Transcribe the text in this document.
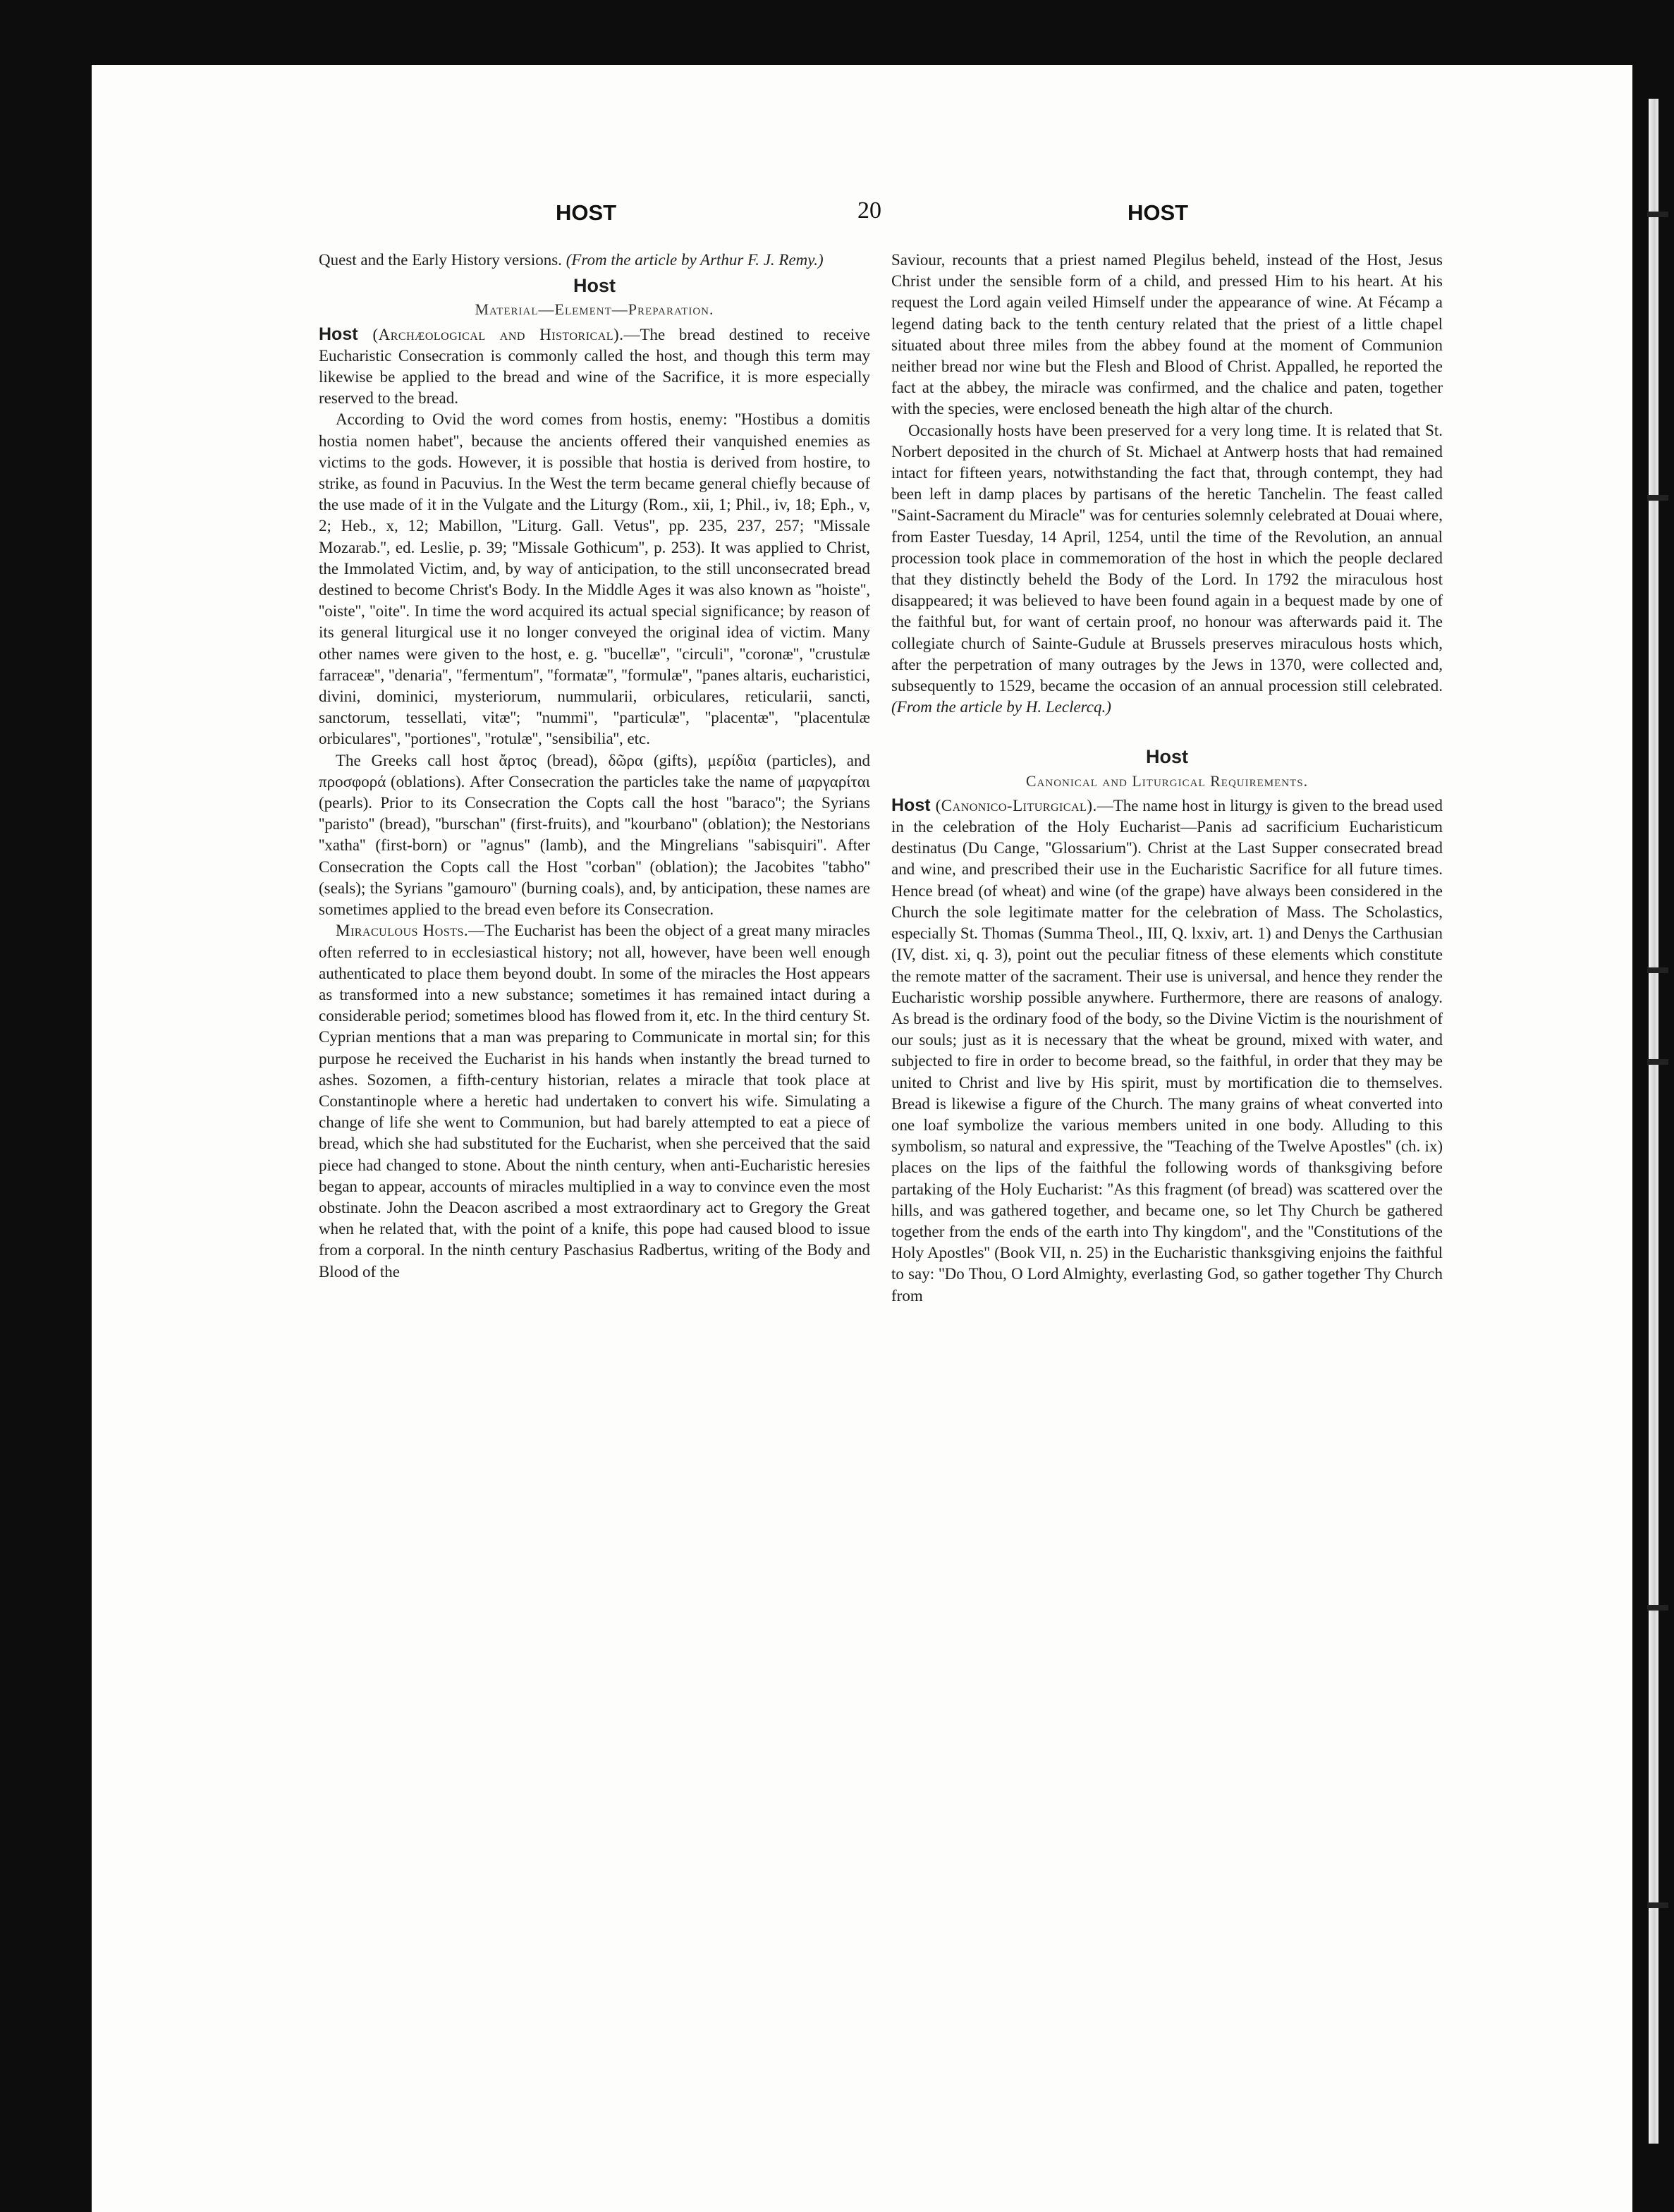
HOST	20	HOST

Quest and the Early History versions. (From the article by Arthur F. J. Remy.)

Host
Material—Element—Preparation.

Host (Archæological and Historical).—The bread destined to receive Eucharistic Consecration is commonly called the host, and though this term may likewise be applied to the bread and wine of the Sacrifice, it is more especially reserved to the bread.

According to Ovid the word comes from hostis, enemy: ''Hostibus a domitis hostia nomen habet'', because the ancients offered their vanquished enemies as victims to the gods. However, it is possible that hostia is derived from hostire, to strike, as found in Pacuvius. In the West the term became general chiefly because of the use made of it in the Vulgate and the Liturgy (Rom., xii, 1; Phil., iv, 18; Eph., v, 2; Heb., x, 12; Mabillon, ''Liturg. Gall. Vetus'', pp. 235, 237, 257; ''Missale Mozarab.'', ed. Leslie, p. 39; ''Missale Gothicum'', p. 253). It was applied to Christ, the Immolated Victim, and, by way of anticipation, to the still unconsecrated bread destined to become Christ's Body. In the Middle Ages it was also known as ''hoiste'', ''oiste'', ''oite''. In time the word acquired its actual special significance; by reason of its general liturgical use it no longer conveyed the original idea of victim. Many other names were given to the host, e. g. ''bucellæ'', ''circuli'', ''coronæ'', ''crustulæ farraceæ'', ''denaria'', ''fermentum'', ''formatæ'', ''formulæ'', ''panes altaris, eucharistici, divini, dominici, mysteriorum, nummularii, orbiculares, reticularii, sancti, sanctorum, tessellati, vitæ''; ''nummi'', ''particulæ'', ''placentæ'', ''placentulæ orbiculares'', ''portiones'', ''rotulæ'', ''sensibilia'', etc.

The Greeks call host ἄρτος (bread), δῶρα (gifts), μερίδια (particles), and προσφορά (oblations). After Consecration the particles take the name of μαργαρίται (pearls). Prior to its Consecration the Copts call the host ''baraco''; the Syrians ''paristo'' (bread), ''burschan'' (first-fruits), and ''kourbano'' (oblation); the Nestorians ''xatha'' (first-born) or ''agnus'' (lamb), and the Mingrelians ''sabisquiri''. After Consecration the Copts call the Host ''corban'' (oblation); the Jacobites ''tabho'' (seals); the Syrians ''gamouro'' (burning coals), and, by anticipation, these names are sometimes applied to the bread even before its Consecration.

Miraculous Hosts.—The Eucharist has been the object of a great many miracles often referred to in ecclesiastical history; not all, however, have been well enough authenticated to place them beyond doubt. In some of the miracles the Host appears as transformed into a new substance; sometimes it has remained intact during a considerable period; sometimes blood has flowed from it, etc. In the third century St. Cyprian mentions that a man was preparing to Communicate in mortal sin; for this purpose he received the Eucharist in his hands when instantly the bread turned to ashes. Sozomen, a fifth-century historian, relates a miracle that took place at Constantinople where a heretic had undertaken to convert his wife. Simulating a change of life she went to Communion, but had barely attempted to eat a piece of bread, which she had substituted for the Eucharist, when she perceived that the said piece had changed to stone. About the ninth century, when anti-Eucharistic heresies began to appear, accounts of miracles multiplied in a way to convince even the most obstinate. John the Deacon ascribed a most extraordinary act to Gregory the Great when he related that, with the point of a knife, this pope had caused blood to issue from a corporal. In the ninth century Paschasius Radbertus, writing of the Body and Blood of the

Saviour, recounts that a priest named Plegilus beheld, instead of the Host, Jesus Christ under the sensible form of a child, and pressed Him to his heart. At his request the Lord again veiled Himself under the appearance of wine. At Fécamp a legend dating back to the tenth century related that the priest of a little chapel situated about three miles from the abbey found at the moment of Communion neither bread nor wine but the Flesh and Blood of Christ. Appalled, he reported the fact at the abbey, the miracle was confirmed, and the chalice and paten, together with the species, were enclosed beneath the high altar of the church.

Occasionally hosts have been preserved for a very long time. It is related that St. Norbert deposited in the church of St. Michael at Antwerp hosts that had remained intact for fifteen years, notwithstanding the fact that, through contempt, they had been left in damp places by partisans of the heretic Tanchelin. The feast called ''Saint-Sacrament du Miracle'' was for centuries solemnly celebrated at Douai where, from Easter Tuesday, 14 April, 1254, until the time of the Revolution, an annual procession took place in commemoration of the host in which the people declared that they distinctly beheld the Body of the Lord. In 1792 the miraculous host disappeared; it was believed to have been found again in a bequest made by one of the faithful but, for want of certain proof, no honour was afterwards paid it. The collegiate church of Sainte-Gudule at Brussels preserves miraculous hosts which, after the perpetration of many outrages by the Jews in 1370, were collected and, subsequently to 1529, became the occasion of an annual procession still celebrated. (From the article by H. Leclercq.)

Host
Canonical and Liturgical Requirements.

Host (Canonico-Liturgical).—The name host in liturgy is given to the bread used in the celebration of the Holy Eucharist—Panis ad sacrificium Eucharisticum destinatus (Du Cange, ''Glossarium''). Christ at the Last Supper consecrated bread and wine, and prescribed their use in the Eucharistic Sacrifice for all future times. Hence bread (of wheat) and wine (of the grape) have always been considered in the Church the sole legitimate matter for the celebration of Mass. The Scholastics, especially St. Thomas (Summa Theol., III, Q. lxxiv, art. 1) and Denys the Carthusian (IV, dist. xi, q. 3), point out the peculiar fitness of these elements which constitute the remote matter of the sacrament. Their use is universal, and hence they render the Eucharistic worship possible anywhere. Furthermore, there are reasons of analogy. As bread is the ordinary food of the body, so the Divine Victim is the nourishment of our souls; just as it is necessary that the wheat be ground, mixed with water, and subjected to fire in order to become bread, so the faithful, in order that they may be united to Christ and live by His spirit, must by mortification die to themselves. Bread is likewise a figure of the Church. The many grains of wheat converted into one loaf symbolize the various members united in one body. Alluding to this symbolism, so natural and expressive, the ''Teaching of the Twelve Apostles'' (ch. ix) places on the lips of the faithful the following words of thanksgiving before partaking of the Holy Eucharist: ''As this fragment (of bread) was scattered over the hills, and was gathered together, and became one, so let Thy Church be gathered together from the ends of the earth into Thy kingdom'', and the ''Constitutions of the Holy Apostles'' (Book VII, n. 25) in the Eucharistic thanksgiving enjoins the faithful to say: ''Do Thou, O Lord Almighty, everlasting God, so gather together Thy Church from
